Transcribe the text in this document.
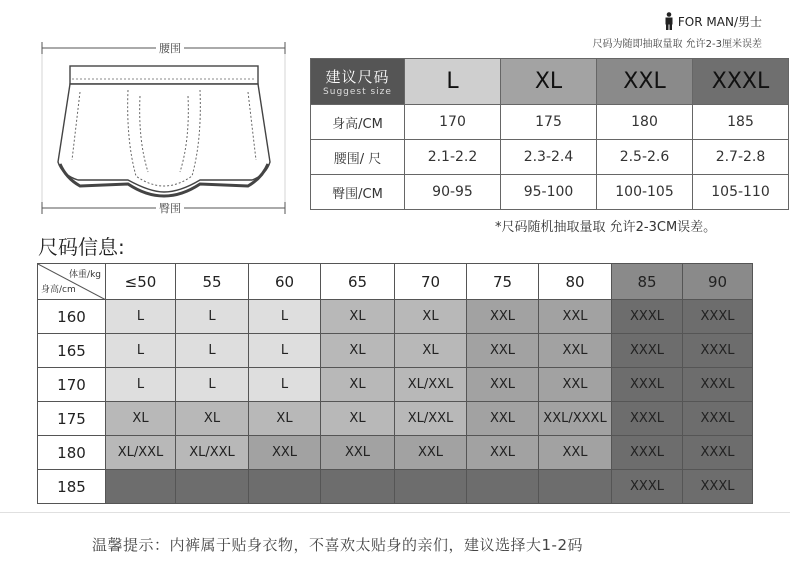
腰围
臀围
FOR MAN/男士
尺码为随即抽取量取 允许2-3厘米误差
建议尺码
Suggest size	L	XL	XXL	XXXL
身高/CM	170	175	180	185
腰围/ 尺	2.1-2.2	2.3-2.4	2.5-2.6	2.7-2.8
臀围/CM	90-95	95-100	100-105	105-110
*尺码随机抽取量取 允许2-3CM误差。
尺码信息:
体重/kg
身高/cm	≤50	55	60	65	70	75	80	85	90
160	L	L	L	XL	XL	XXL	XXL	XXXL	XXXL
165	L	L	L	XL	XL	XXL	XXL	XXXL	XXXL
170	L	L	L	XL	XL/XXL	XXL	XXL	XXXL	XXXL
175	XL	XL	XL	XL	XL/XXL	XXL	XXL/XXXL	XXXL	XXXL
180	XL/XXL	XL/XXL	XXL	XXL	XXL	XXL	XXL	XXXL	XXXL
185								XXXL	XXXL
温馨提示：内裤属于贴身衣物，不喜欢太贴身的亲们，建议选择大1-2码
